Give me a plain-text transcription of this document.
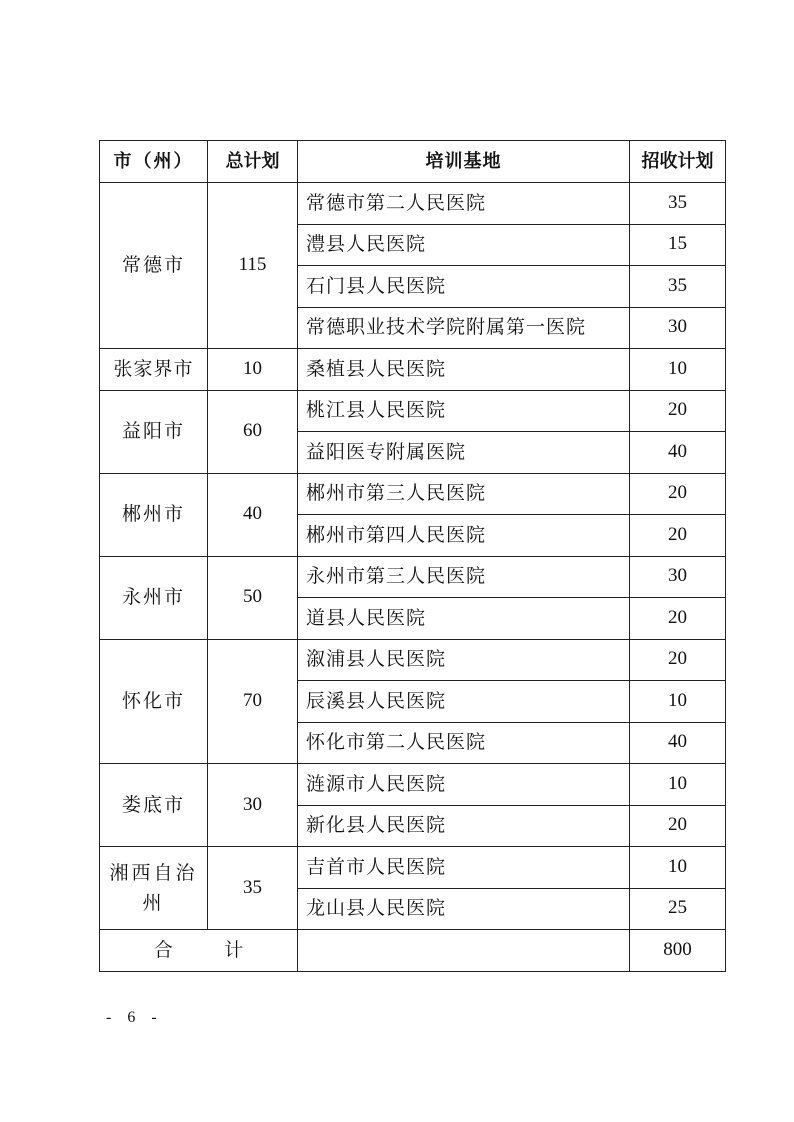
市（州）	总计划	培训基地	招收计划
常德市	115	常德市第二人民医院	35
		澧县人民医院	15
		石门县人民医院	35
		常德职业技术学院附属第一医院	30
张家界市	10	桑植县人民医院	10
益阳市	60	桃江县人民医院	20
		益阳医专附属医院	40
郴州市	40	郴州市第三人民医院	20
		郴州市第四人民医院	20
永州市	50	永州市第三人民医院	30
		道县人民医院	20
怀化市	70	溆浦县人民医院	20
		辰溪县人民医院	10
		怀化市第二人民医院	40
娄底市	30	涟源市人民医院	10
		新化县人民医院	20
湘西自治州	35	吉首市人民医院	10
		龙山县人民医院	25

合 计			800
- 6 -
